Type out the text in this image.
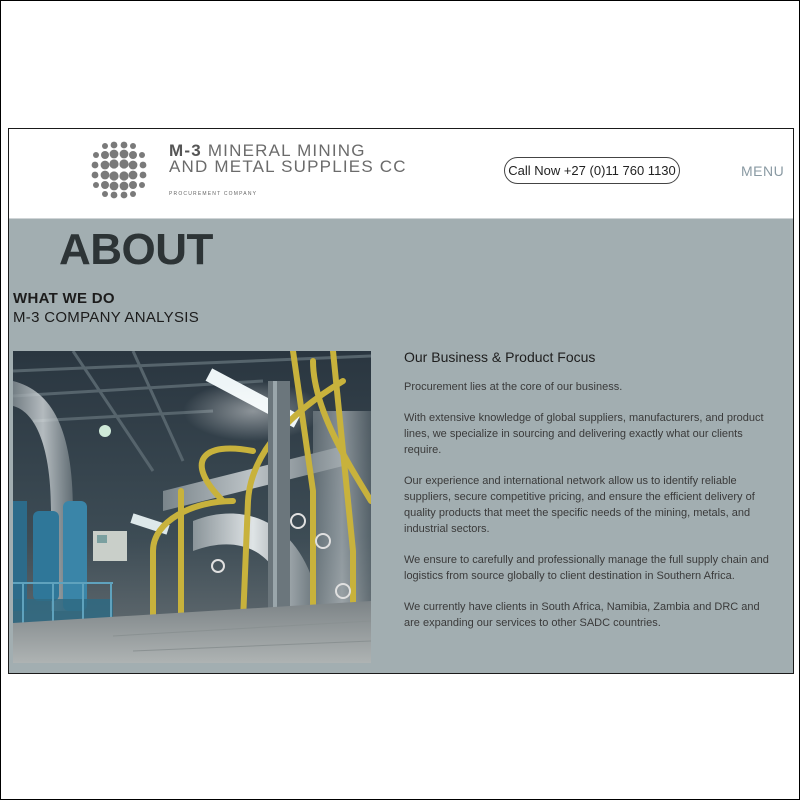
M-3 MINERAL MINING
AND METAL SUPPLIES CC
PROCUREMENT COMPANY
Call Now +27 (0)11 760 1130	MENU
ABOUT
WHAT WE DO
M-3 COMPANY ANALYSIS
Our Business & Product Focus

Procurement lies at the core of our business.

With extensive knowledge of global suppliers, manufacturers, and product lines, we specialize in sourcing and delivering exactly what our clients require.

Our experience and international network allow us to identify reliable suppliers, secure competitive pricing, and ensure the efficient delivery of quality products that meet the specific needs of the mining, metals, and industrial sectors.

We ensure to carefully and professionally manage the full supply chain and logistics from source globally to client destination in Southern Africa.

We currently have clients in South Africa, Namibia, Zambia and DRC and are expanding our services to other SADC countries.
